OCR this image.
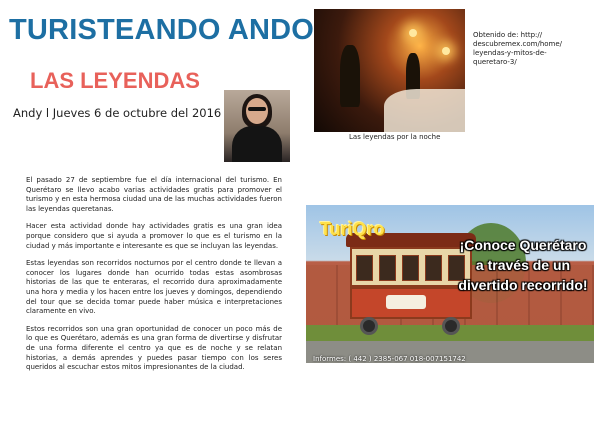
TURISTEANDO ANDO
LAS LEYENDAS
Andy l Jueves 6 de octubre del 2016
Las leyendas por la noche
Obtenido de: http://
descubremex.com/home/
leyendas-y-mitos-de-
queretaro-3/

El pasado 27 de septiembre fue el día internacional del turismo. En Querétaro se llevo acabo varias actividades gratis para promover el turismo y en esta hermosa ciudad una de las muchas actividades fueron las leyendas queretanas.

Hacer esta actividad donde hay actividades gratis es una gran idea porque considero que si ayuda a promover lo que es el turismo en la ciudad y más importante e interesante es que se incluyan las leyendas.

Estas leyendas son recorridos nocturnos por el centro donde te llevan a conocer los lugares donde han ocurrido todas estas asombrosas historias de las que te enteraras, el recorrido dura aproximadamente una hora y media y los hacen entre los jueves y domingos, dependiendo del tour que se decida tomar puede haber música e interpretaciones claramente en vivo.

Estos recorridos son una gran oportunidad de conocer un poco más de lo que es Querétaro, además es una gran forma de divertirse y disfrutar de una forma diferente el centro ya que es de noche y se relatan historias, a demás aprendes y puedes pasar tiempo con los seres queridos al escuchar estos mitos impresionantes de la ciudad.

TuriQro
¡Conoce Querétaro a través de un divertido recorrido!
Informes: ( 442 ) 2385-067 018-007151742
